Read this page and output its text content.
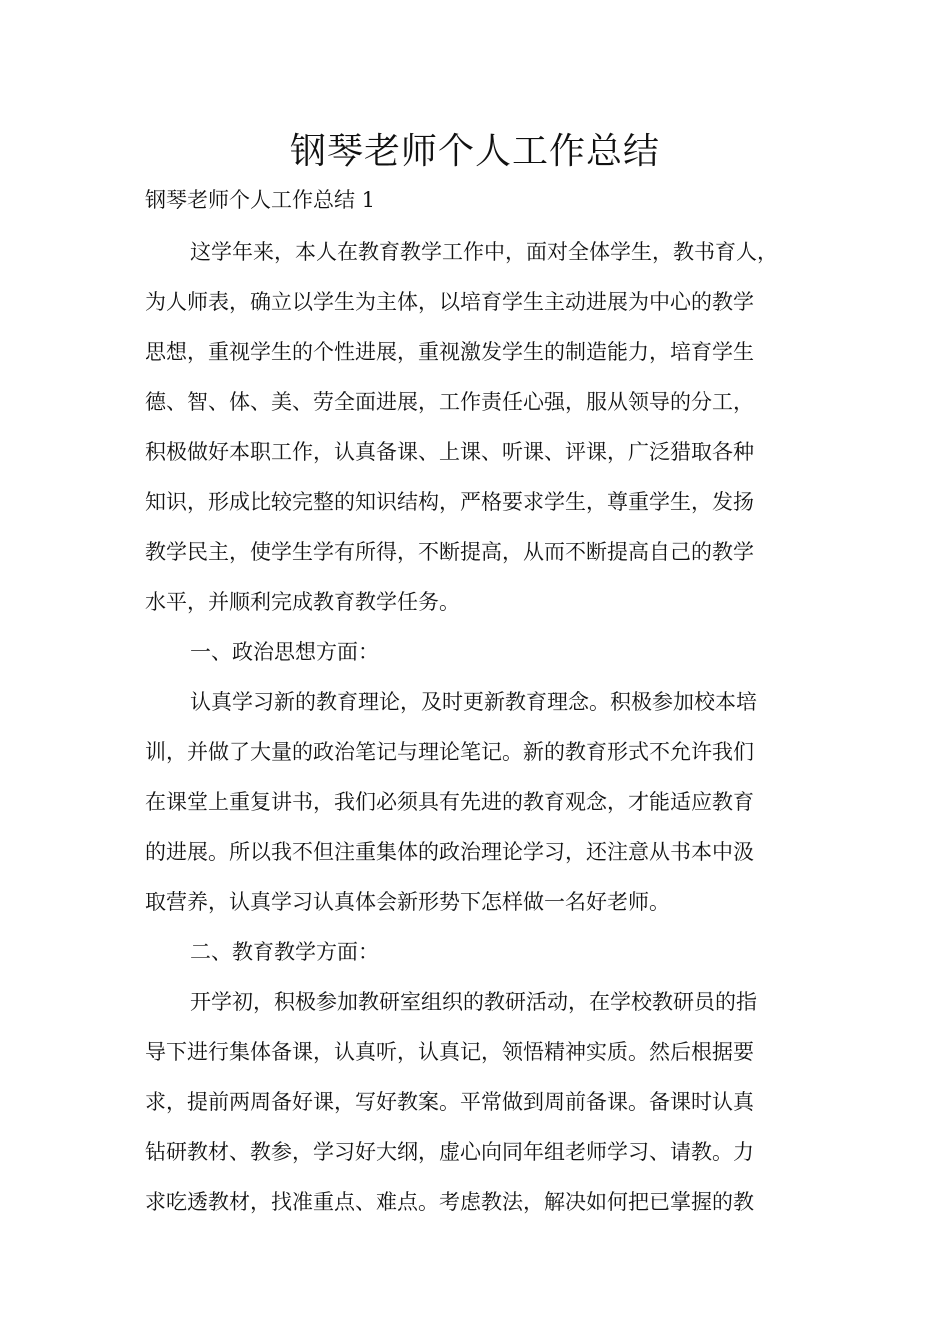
钢琴老师个人工作总结

钢琴老师个人工作总结 1

这学年来，本人在教育教学工作中，面对全体学生，教书育人，

为人师表，确立以学生为主体，以培育学生主动进展为中心的教学

思想，重视学生的个性进展，重视激发学生的制造能力，培育学生

德、智、体、美、劳全面进展，工作责任心强，服从领导的分工，

积极做好本职工作，认真备课、上课、听课、评课，广泛猎取各种

知识，形成比较完整的知识结构，严格要求学生，尊重学生，发扬

教学民主，使学生学有所得，不断提高，从而不断提高自己的教学

水平，并顺利完成教育教学任务。

一、政治思想方面：

认真学习新的教育理论，及时更新教育理念。积极参加校本培

训，并做了大量的政治笔记与理论笔记。新的教育形式不允许我们

在课堂上重复讲书，我们必须具有先进的教育观念，才能适应教育

的进展。所以我不但注重集体的政治理论学习，还注意从书本中汲

取营养，认真学习认真体会新形势下怎样做一名好老师。

二、教育教学方面：

开学初，积极参加教研室组织的教研活动，在学校教研员的指

导下进行集体备课，认真听，认真记，领悟精神实质。然后根据要

求，提前两周备好课，写好教案。平常做到周前备课。备课时认真

钻研教材、教参，学习好大纲，虚心向同年组老师学习、请教。力

求吃透教材，找准重点、难点。考虑教法，解决如何把已掌握的教
